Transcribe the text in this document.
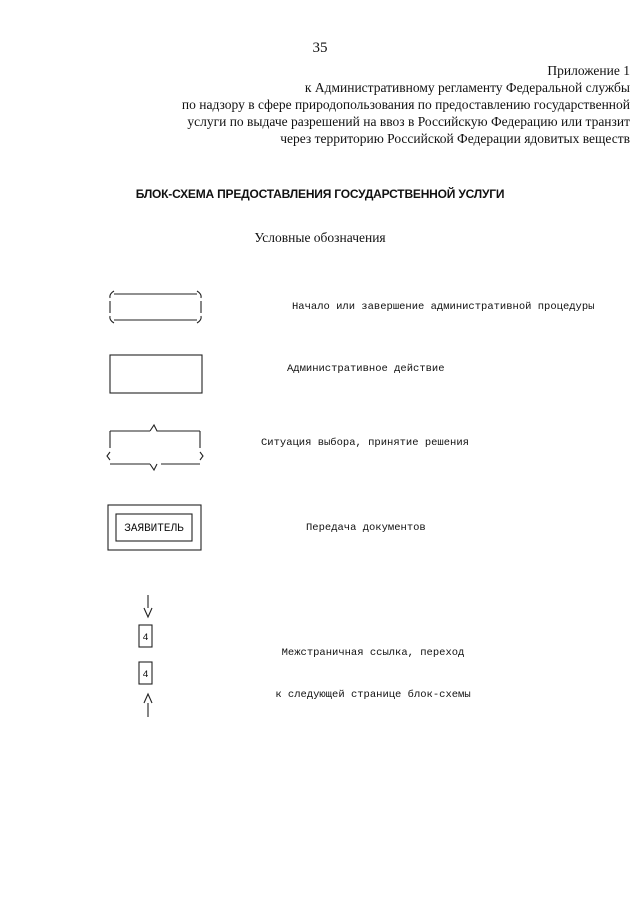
35
Приложение 1
к Административному регламенту Федеральной службы
по надзору в сфере природопользования по предоставлению государственной
услуги по выдаче разрешений на ввоз в Российскую Федерацию или транзит
через территорию Российской Федерации ядовитых веществ
БЛОК-СХЕМА ПРЕДОСТАВЛЕНИЯ ГОСУДАРСТВЕННОЙ УСЛУГИ
Условные обозначения
ЗАЯВИТЕЛЬ
4
4
Начало или завершение административной процедуры
Административное действие
Ситуация выбора, принятие решения
Передача документов

Межстраничная ссылка, переход

к следующей странице блок-схемы
